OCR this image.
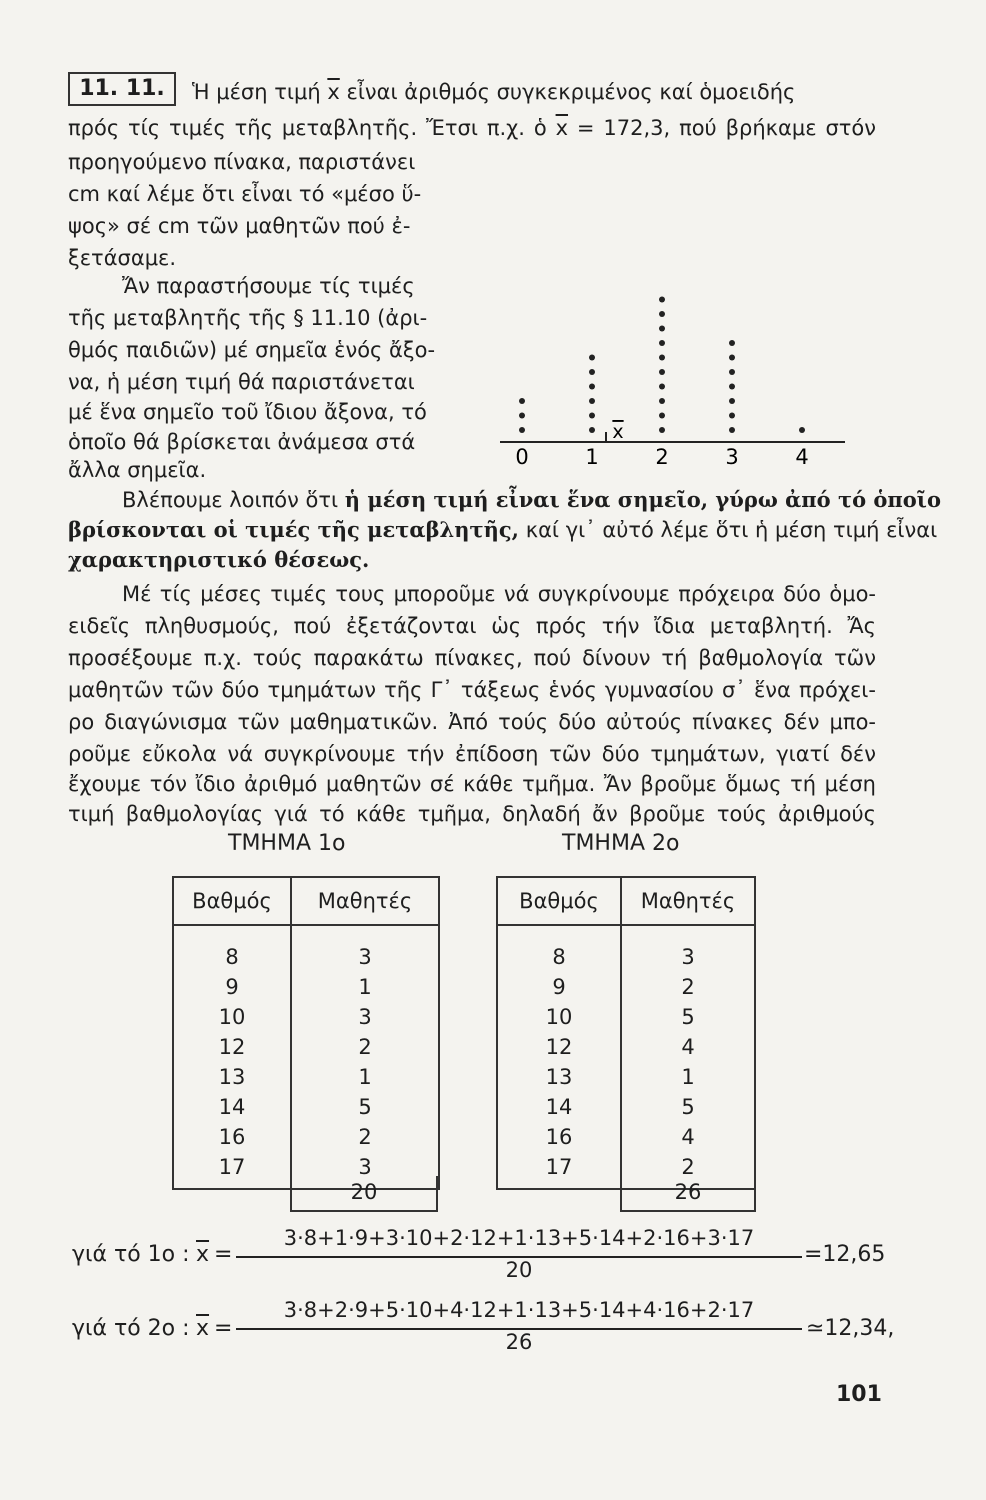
11. 11.	Ἡ μέση τιμή $\overline{x}$ εἶναι ἀριθμός συγκεκριμένος καί ὁμοειδής
πρός τίς τιμές τῆς μεταβλητῆς. Ἔτσι π.χ. ὁ $\overline{x} = 172,3$, πού βρήκαμε στόν
προηγούμενο πίνακα, παριστάνει
cm καί λέμε ὅτι εἶναι τό «μέσο ὕ-
ψος» σέ cm τῶν μαθητῶν πού ἐ-
ξετάσαμε.
Ἄν παραστήσουμε τίς τιμές
τῆς μεταβλητῆς τῆς § 11.10 (ἀρι-
θμός παιδιῶν) μέ σημεῖα ἑνός ἄξο-
να, ἡ μέση τιμή θά παριστάνεται
μέ ἕνα σημεῖο τοῦ ἴδιου ἄξονα, τό
ὁποῖο θά βρίσκεται ἀνάμεσα στά
ἄλλα σημεῖα.
0	1	2	3	4
x
Βλέπουμε λοιπόν ὅτι ἡ μέση τιμή εἶναι ἕνα σημεῖο, γύρω ἀπό τό ὁποῖο
βρίσκονται οἱ τιμές τῆς μεταβλητῆς, καί γι᾽ αὐτό λέμε ὅτι ἡ μέση τιμή εἶναι
χαρακτηριστικό θέσεως.
Μέ τίς μέσες τιμές τους μποροῦμε νά συγκρίνουμε πρόχειρα δύο ὁμο-
ειδεῖς πληθυσμούς, πού ἐξετάζονται ὡς πρός τήν ἴδια μεταβλητή. Ἄς
προσέξουμε π.χ. τούς παρακάτω πίνακες, πού δίνουν τή βαθμολογία τῶν
μαθητῶν τῶν δύο τμημάτων τῆς Γ᾽ τάξεως ἑνός γυμνασίου σ᾽ ἕνα πρόχει-
ρο διαγώνισμα τῶν μαθηματικῶν. Ἀπό τούς δύο αὐτούς πίνακες δέν μπο-
ροῦμε εὔκολα νά συγκρίνουμε τήν ἐπίδοση τῶν δύο τμημάτων, γιατί δέν
ἔχουμε τόν ἴδιο ἀριθμό μαθητῶν σέ κάθε τμῆμα. Ἄν βροῦμε ὅμως τή μέση
τιμή βαθμολογίας γιά τό κάθε τμῆμα, δηλαδή ἄν βροῦμε τούς ἀριθμούς
ΤΜΗΜΑ 1ο	ΤΜΗΜΑ 2ο
Βαθμός	Μαθητές
8	3
9	1
10	3
12	2
13	1
14	5
16	2
17	3
20
Βαθμός	Μαθητές
8	3
9	2
10	5
12	4
13	1
14	5
16	4
17	2
26
γιά τό 1ο : $\overline{x}$ =
3·8+1·9+3·10+2·12+1·13+5·14+2·16+3·17
20
=12,65
γιά τό 2ο : $\overline{x}$ =
3·8+2·9+5·10+4·12+1·13+5·14+4·16+2·17
26
≃12,34,
101
